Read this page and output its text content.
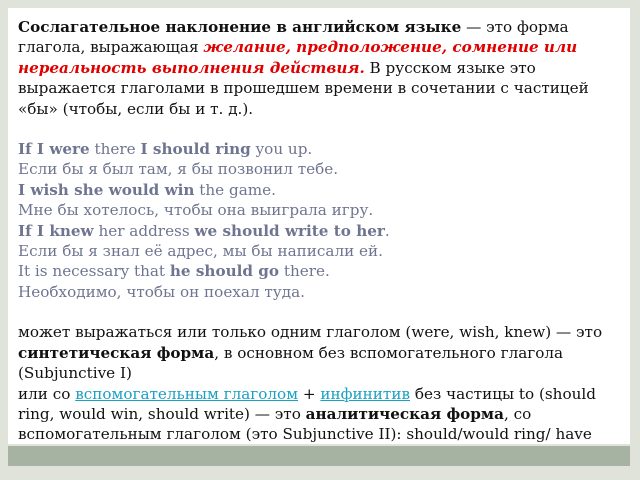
Сослагательное наклонение в английском языке — это форма глагола, выражающая желание, предположение, сомнение или нереальность выполнения действия. В русском языке это выражается глаголами в прошедшем времени в сочетании с частицей «бы» (чтобы, если бы и т. д.).

If I were there I should ring you up.

Если бы я был там, я бы позвонил тебе.

I wish she would win the game.

Мне бы хотелось, чтобы она выиграла игру.

If I knew her address we should write to her.

Если бы я знал её адрес, мы бы написали ей.

It is necessary that he should go there.

Необходимо, чтобы он поехал туда.

может выражаться или только одним глаголом (were, wish, knew) — это синтетическая форма, в основном без вспомогательного глагола (Subjunctive I)

или со вспомогательным глаголом + инфинитив без частицы to (should ring, would win, should write) — это аналитическая форма, со вспомогательным глаголом (это Subjunctive II): should/would ring/ have
